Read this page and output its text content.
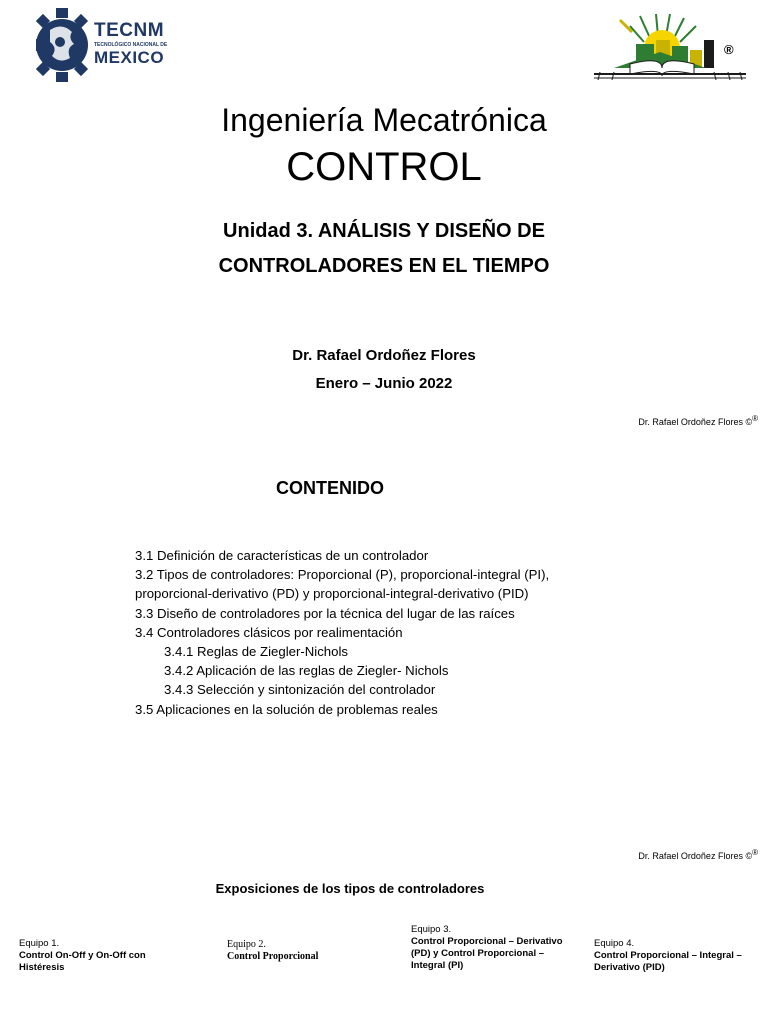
TECNM
TECNOLÓGICO NACIONAL DE
MEXICO	®
Ingeniería Mecatrónica
CONTROL
Unidad 3. ANÁLISIS Y DISEÑO DE
CONTROLADORES EN EL TIEMPO
Dr. Rafael Ordoñez Flores
Enero – Junio 2022
Dr. Rafael Ordoñez Flores ©®
CONTENIDO
3.1 Definición de características de un controlador
3.2 Tipos de controladores: Proporcional (P), proporcional-integral (PI),
proporcional-derivativo (PD) y proporcional-integral-derivativo (PID)
3.3 Diseño de controladores por la técnica del lugar de las raíces
3.4 Controladores clásicos por realimentación
3.4.1 Reglas de Ziegler-Nichols
3.4.2 Aplicación de las reglas de Ziegler- Nichols
3.4.3 Selección y sintonización del controlador
3.5 Aplicaciones en la solución de problemas reales
Dr. Rafael Ordoñez Flores ©®
Exposiciones de los tipos de controladores
Equipo 1.
Control On-Off y On-Off con Histéresis
Equipo 2.
Control Proporcional
Equipo 3.
Control Proporcional – Derivativo (PD) y Control Proporcional – Integral (PI)
Equipo 4.
Control Proporcional – Integral – Derivativo (PID)
